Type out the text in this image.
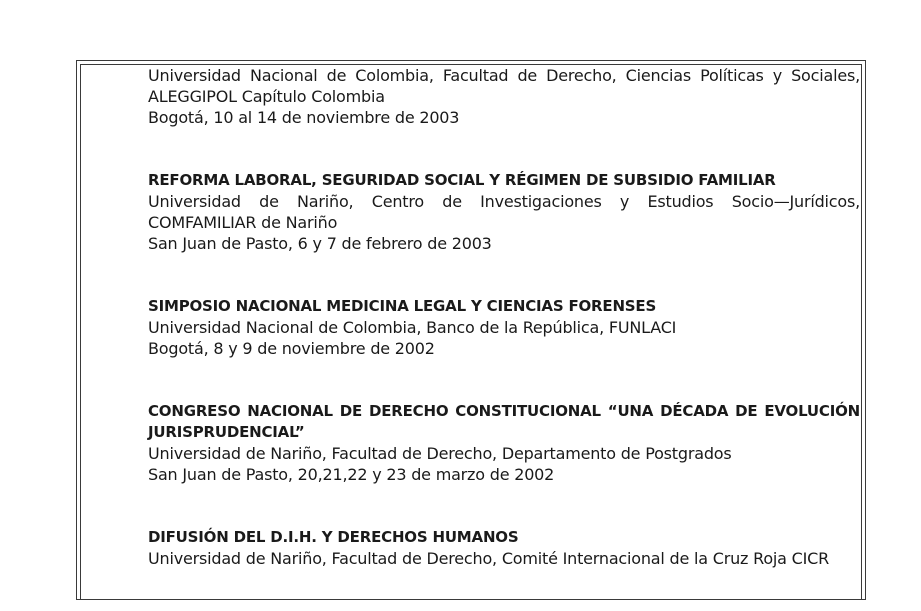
Universidad Nacional de Colombia, Facultad de Derecho, Ciencias Políticas y Sociales, ALEGGIPOL Capítulo Colombia

Bogotá, 10 al 14 de noviembre de 2003

REFORMA LABORAL, SEGURIDAD SOCIAL Y RÉGIMEN DE SUBSIDIO FAMILIAR

Universidad de Nariño, Centro de Investigaciones y Estudios Socio—Jurídicos, COMFAMILIAR de Nariño

San Juan de Pasto, 6 y 7 de febrero de 2003

SIMPOSIO NACIONAL MEDICINA LEGAL Y CIENCIAS FORENSES

Universidad Nacional de Colombia, Banco de la República, FUNLACI

Bogotá, 8 y 9 de noviembre de 2002

CONGRESO NACIONAL DE DERECHO CONSTITUCIONAL “UNA DÉCADA DE EVOLUCIÓN JURISPRUDENCIAL”

Universidad de Nariño, Facultad de Derecho, Departamento de Postgrados

San Juan de Pasto, 20,21,22 y 23 de marzo de 2002

DIFUSIÓN DEL D.I.H. Y DERECHOS HUMANOS

Universidad de Nariño, Facultad de Derecho, Comité Internacional de la Cruz Roja CICR
